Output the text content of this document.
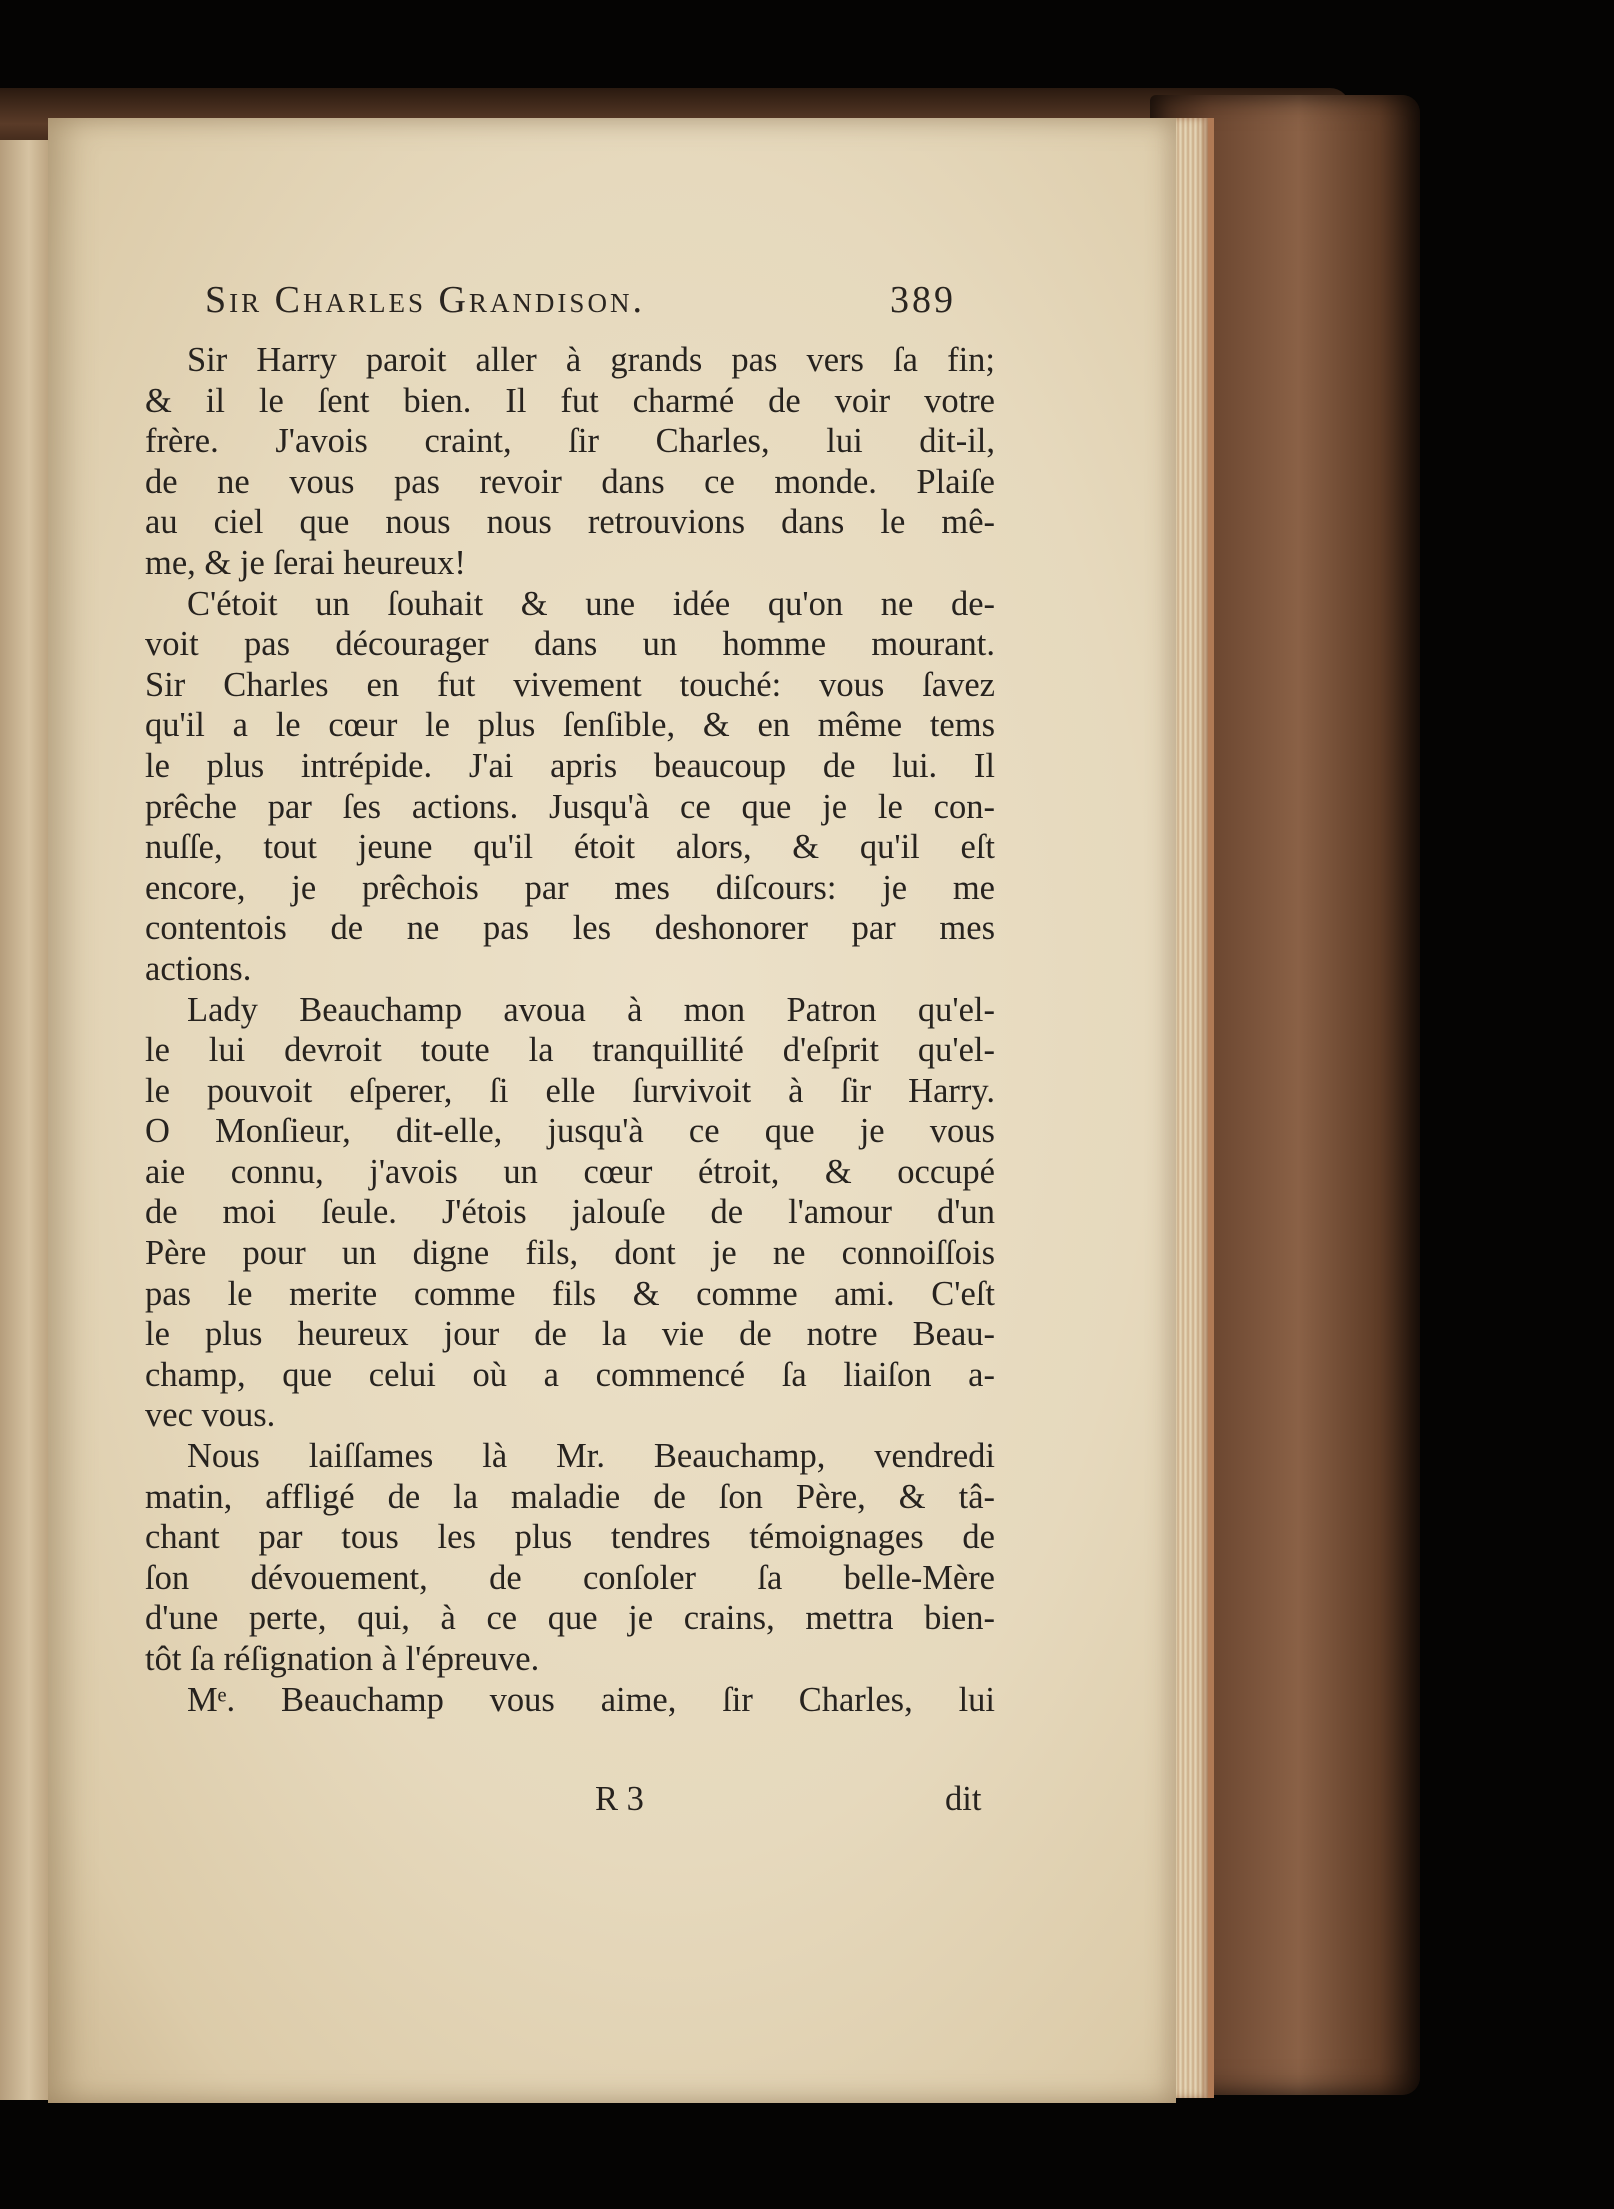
Sir Charles Grandison.	389
Sir Harry paroit aller à grands pas vers ſa fin;
& il le ſent bien. Il fut charmé de voir votre
frère. J'avois craint, ſir Charles, lui dit-il,
de ne vous pas revoir dans ce monde. Plaiſe
au ciel que nous nous retrouvions dans le mê-
me, & je ſerai heureux!
C'étoit un ſouhait & une idée qu'on ne de-
voit pas décourager dans un homme mourant.
Sir Charles en fut vivement touché: vous ſavez
qu'il a le cœur le plus ſenſible, & en même tems
le plus intrépide. J'ai apris beaucoup de lui. Il
prêche par ſes actions. Jusqu'à ce que je le con-
nuſſe, tout jeune qu'il étoit alors, & qu'il eſt
encore, je prêchois par mes diſcours: je me
contentois de ne pas les deshonorer par mes
actions.
Lady Beauchamp avoua à mon Patron qu'el-
le lui devroit toute la tranquillité d'eſprit qu'el-
le pouvoit eſperer, ſi elle ſurvivoit à ſir Harry.
O Monſieur, dit-elle, jusqu'à ce que je vous
aie connu, j'avois un cœur étroit, & occupé
de moi ſeule. J'étois jalouſe de l'amour d'un
Père pour un digne fils, dont je ne connoiſſois
pas le merite comme fils & comme ami. C'eſt
le plus heureux jour de la vie de notre Beau-
champ, que celui où a commencé ſa liaiſon a-
vec vous.
Nous laiſſames là Mr. Beauchamp, vendredi
matin, affligé de la maladie de ſon Père, & tâ-
chant par tous les plus tendres témoignages de
ſon dévouement, de conſoler ſa belle-Mère
d'une perte, qui, à ce que je crains, mettra bien-
tôt ſa réſignation à l'épreuve.
Mᵉ. Beauchamp vous aime, ſir Charles, lui
R 3	dit
